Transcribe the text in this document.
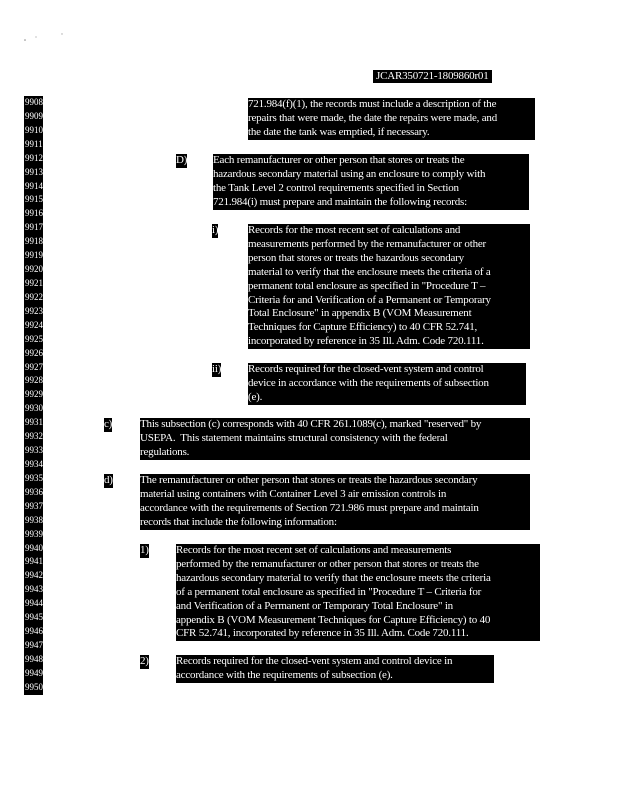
JCAR350721-1809860r01
9908
9909
9910
9911
9912
9913
9914
9915
9916
9917
9918
9919
9920
9921
9922
9923
9924
9925
9926
9927
9928
9929
9930
9931
9932
9933
9934
9935
9936
9937
9938
9939
9940
9941
9942
9943
9944
9945
9946
9947
9948
9949
9950
721.984(f)(1), the records must include a description of the
repairs that were made, the date the repairs were made, and
the date the tank was emptied, if necessary.
D) Each remanufacturer or other person that stores or treats the
hazardous secondary material using an enclosure to comply with
the Tank Level 2 control requirements specified in Section
721.984(i) must prepare and maintain the following records:
i)	Records for the most recent set of calculations and
measurements performed by the remanufacturer or other
person that stores or treats the hazardous secondary
material to verify that the enclosure meets the criteria of a
permanent total enclosure as specified in "Procedure T –
Criteria for and Verification of a Permanent or Temporary
Total Enclosure" in appendix B (VOM Measurement
Techniques for Capture Efficiency) to 40 CFR 52.741,
incorporated by reference in 35 Ill. Adm. Code 720.111.
ii) Records required for the closed-vent system and control
device in accordance with the requirements of subsection
(e).
c)	This subsection (c) corresponds with 40 CFR 261.1089(c), marked "reserved" by
USEPA.  This statement maintains structural consistency with the federal
regulations.
d) The remanufacturer or other person that stores or treats the hazardous secondary
material using containers with Container Level 3 air emission controls in
accordance with the requirements of Section 721.986 must prepare and maintain
records that include the following information:
1) Records for the most recent set of calculations and measurements
performed by the remanufacturer or other person that stores or treats the
hazardous secondary material to verify that the enclosure meets the criteria
of a permanent total enclosure as specified in "Procedure T – Criteria for
and Verification of a Permanent or Temporary Total Enclosure" in
appendix B (VOM Measurement Techniques for Capture Efficiency) to 40
CFR 52.741, incorporated by reference in 35 Ill. Adm. Code 720.111.
2) Records required for the closed-vent system and control device in
accordance with the requirements of subsection (e).
